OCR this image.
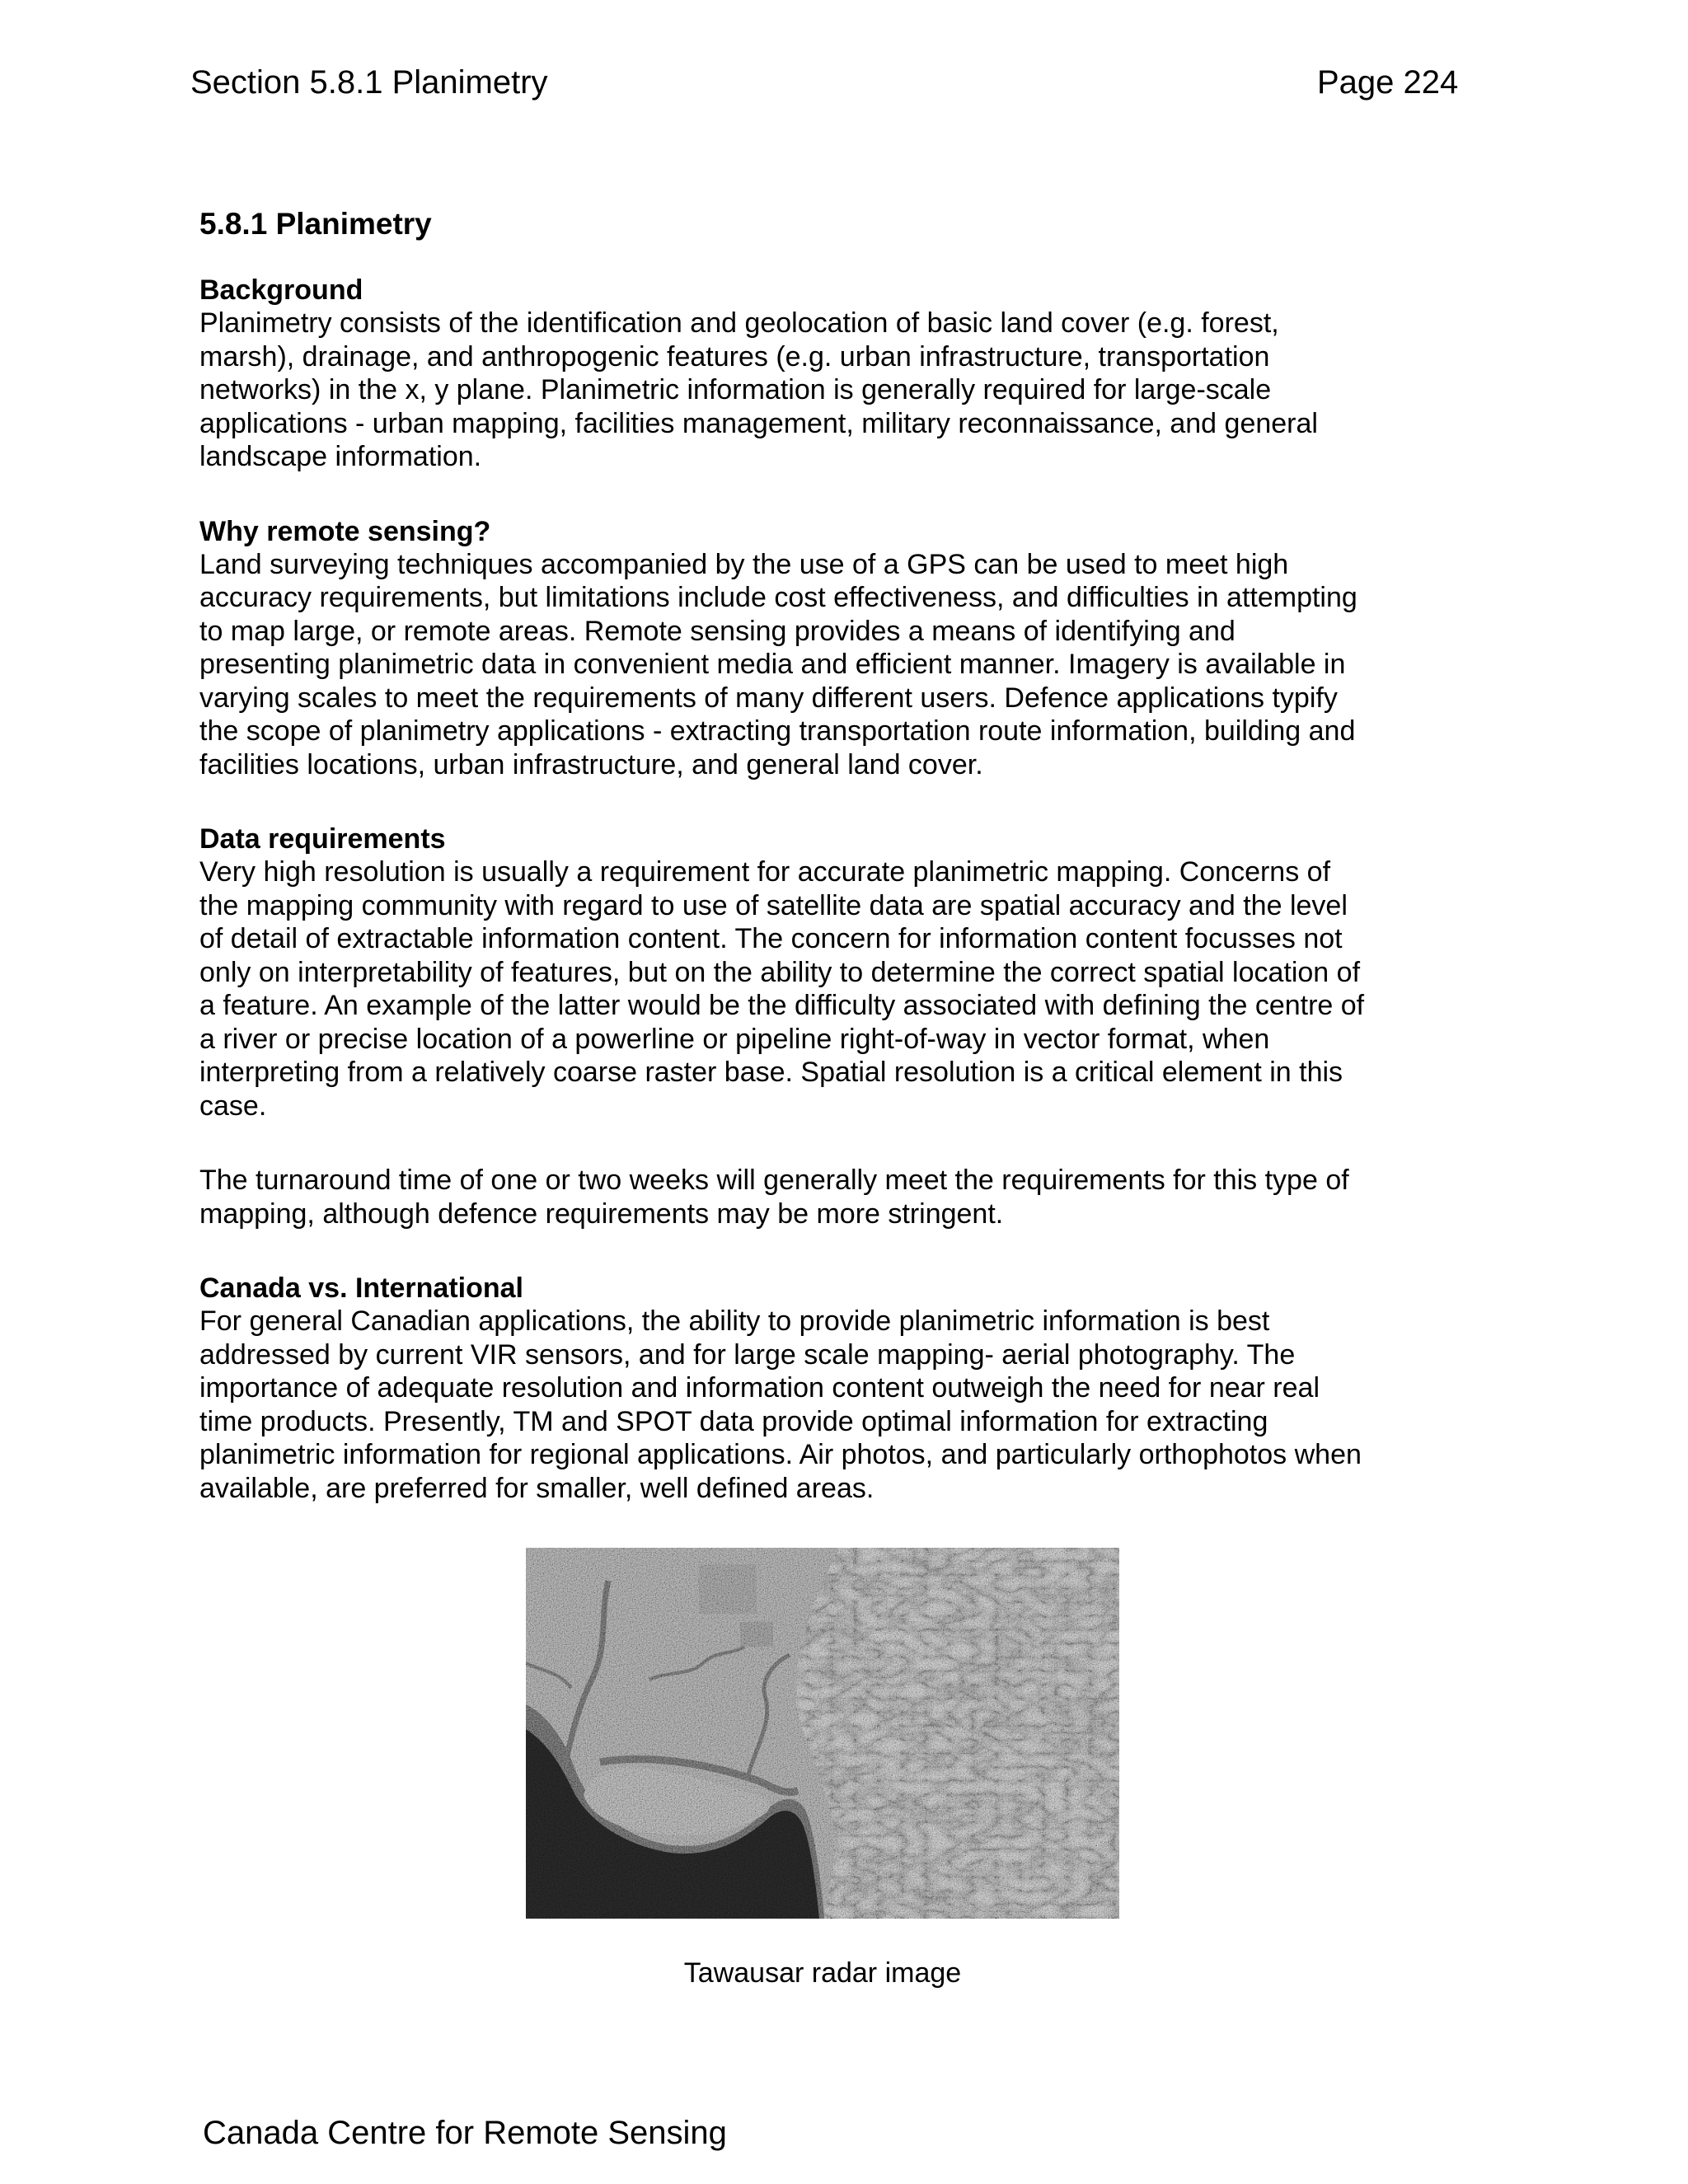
Section 5.8.1 Planimetry	Page 224
5.8.1 Planimetry
Background

Planimetry consists of the identification and geolocation of basic land cover (e.g. forest,
marsh), drainage, and anthropogenic features (e.g. urban infrastructure, transportation
networks) in the x, y plane. Planimetric information is generally required for large-scale
applications - urban mapping, facilities management, military reconnaissance, and general
landscape information.

Why remote sensing?

Land surveying techniques accompanied by the use of a GPS can be used to meet high
accuracy requirements, but limitations include cost effectiveness, and difficulties in attempting
to map large, or remote areas. Remote sensing provides a means of identifying and
presenting planimetric data in convenient media and efficient manner. Imagery is available in
varying scales to meet the requirements of many different users. Defence applications typify
the scope of planimetry applications - extracting transportation route information, building and
facilities locations, urban infrastructure, and general land cover.

Data requirements

Very high resolution is usually a requirement for accurate planimetric mapping. Concerns of
the mapping community with regard to use of satellite data are spatial accuracy and the level
of detail of extractable information content. The concern for information content focusses not
only on interpretability of features, but on the ability to determine the correct spatial location of
a feature. An example of the latter would be the difficulty associated with defining the centre of
a river or precise location of a powerline or pipeline right-of-way in vector format, when
interpreting from a relatively coarse raster base. Spatial resolution is a critical element in this
case.

The turnaround time of one or two weeks will generally meet the requirements for this type of
mapping, although defence requirements may be more stringent.

Canada vs. International

For general Canadian applications, the ability to provide planimetric information is best
addressed by current VIR sensors, and for large scale mapping- aerial photography. The
importance of adequate resolution and information content outweigh the need for near real
time products. Presently, TM and SPOT data provide optimal information for extracting
planimetric information for regional applications. Air photos, and particularly orthophotos when
available, are preferred for smaller, well defined areas.

Tawausar radar image
Canada Centre for Remote Sensing
